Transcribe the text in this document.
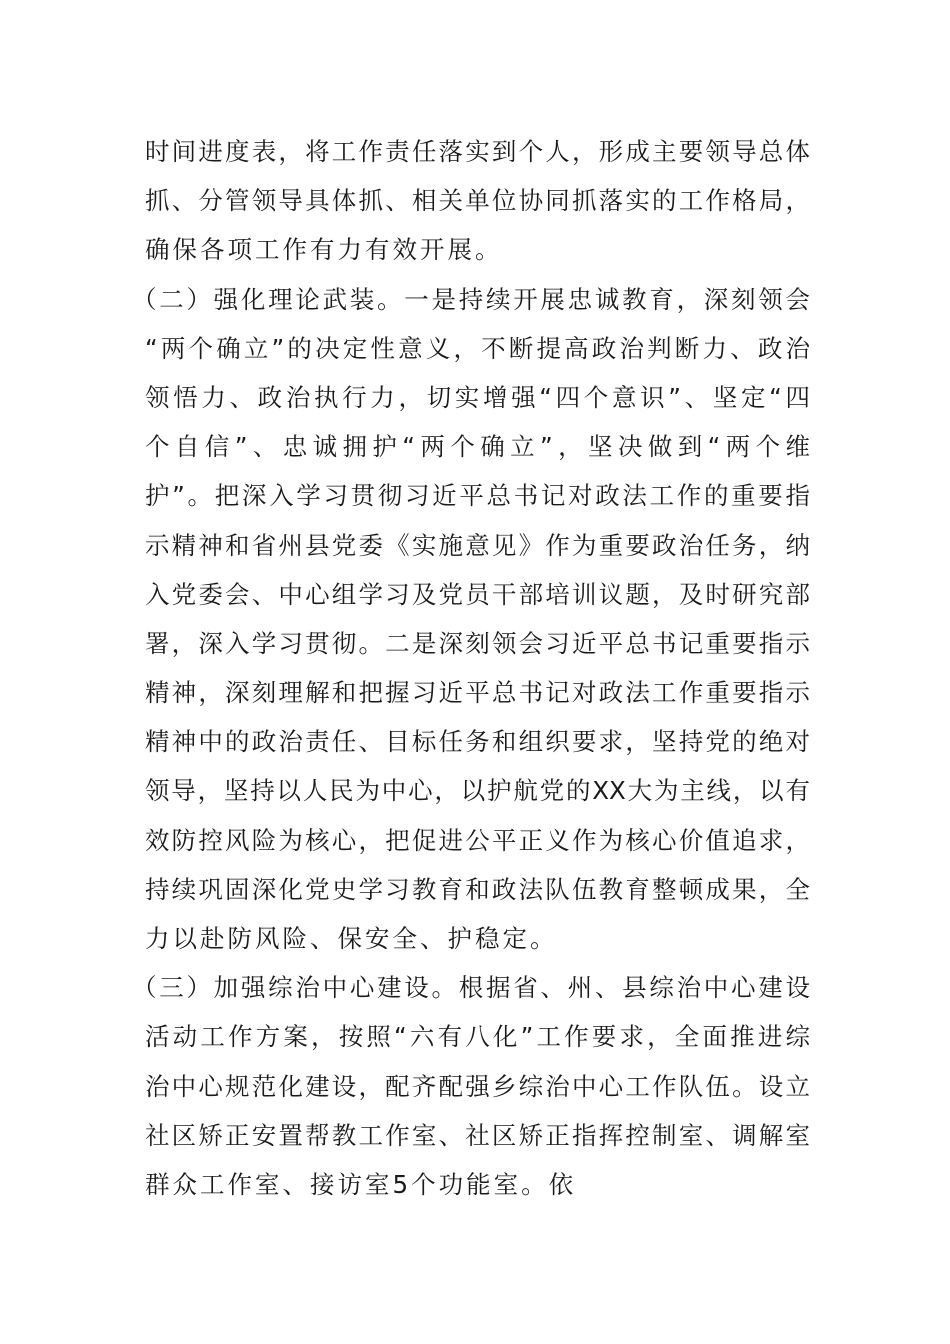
时间进度表，将工作责任落实到个人，形成主要领导总体
抓、分管领导具体抓、相关单位协同抓落实的工作格局，
确保各项工作有力有效开展。
（二）强化理论武装。一是持续开展忠诚教育，深刻领会
“两个确立”的决定性意义，不断提高政治判断力、政治
领悟力、政治执行力，切实增强“四个意识”、坚定“四
个自信”、忠诚拥护“两个确立”，坚决做到“两个维
护”。把深入学习贯彻习近平总书记对政法工作的重要指
示精神和省州县党委《实施意见》作为重要政治任务，纳
入党委会、中心组学习及党员干部培训议题，及时研究部
署，深入学习贯彻。二是深刻领会习近平总书记重要指示
精神，深刻理解和把握习近平总书记对政法工作重要指示
精神中的政治责任、目标任务和组织要求，坚持党的绝对
领导，坚持以人民为中心，以护航党的XX大为主线，以有
效防控风险为核心，把促进公平正义作为核心价值追求，
持续巩固深化党史学习教育和政法队伍教育整顿成果，全
力以赴防风险、保安全、护稳定。
（三）加强综治中心建设。根据省、州、县综治中心建设
活动工作方案，按照“六有八化”工作要求，全面推进综
治中心规范化建设，配齐配强乡综治中心工作队伍。设立
社区矫正安置帮教工作室、社区矫正指挥控制室、调解室
群众工作室、接访室5个功能室。依
